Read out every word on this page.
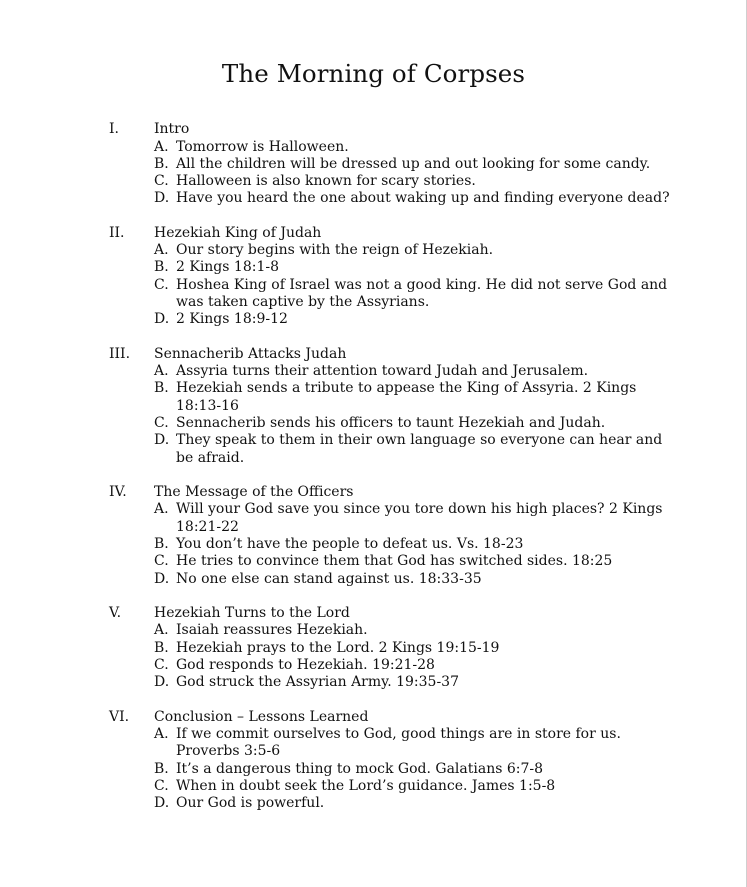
The Morning of Corpses
I.	Intro
A. Tomorrow is Halloween.
B. All the children will be dressed up and out looking for some candy.
C. Halloween is also known for scary stories.
D. Have you heard the one about waking up and finding everyone dead?
II. Hezekiah King of Judah
A. Our story begins with the reign of Hezekiah.
B. 2 Kings 18:1-8
C. Hoshea King of Israel was not a good king. He did not serve God and was taken captive by the Assyrians.
D. 2 Kings 18:9-12
III. Sennacherib Attacks Judah
A. Assyria turns their attention toward Judah and Jerusalem.
B. Hezekiah sends a tribute to appease the King of Assyria. 2 Kings 18:13-16
C. Sennacherib sends his officers to taunt Hezekiah and Judah.
D. They speak to them in their own language so everyone can hear and be afraid.
IV. The Message of the Officers
A. Will your God save you since you tore down his high places? 2 Kings 18:21-22
B. You don’t have the people to defeat us. Vs. 18-23
C. He tries to convince them that God has switched sides. 18:25
D. No one else can stand against us. 18:33-35
V. Hezekiah Turns to the Lord
A. Isaiah reassures Hezekiah.
B. Hezekiah prays to the Lord. 2 Kings 19:15-19
C. God responds to Hezekiah. 19:21-28
D. God struck the Assyrian Army. 19:35-37
VI. Conclusion – Lessons Learned
A. If we commit ourselves to God, good things are in store for us. Proverbs 3:5-6
B. It’s a dangerous thing to mock God. Galatians 6:7-8
C. When in doubt seek the Lord’s guidance. James 1:5-8
D. Our God is powerful.
